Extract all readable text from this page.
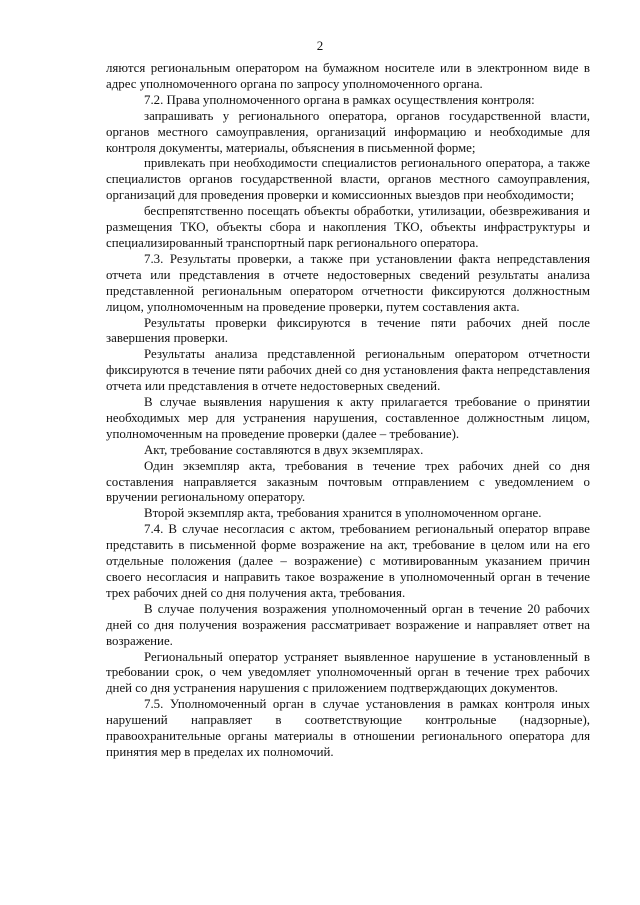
2

ляются региональным оператором на бумажном носителе или в электронном виде в адрес уполномоченного органа по запросу уполномоченного органа.

7.2. Права уполномоченного органа в рамках осуществления контроля:

запрашивать у регионального оператора, органов государственной власти, органов местного самоуправления, организаций информацию и необходимые для контроля документы, материалы, объяснения в письменной форме;

привлекать при необходимости специалистов регионального оператора, а также специалистов органов государственной власти, органов местного самоуправления, организаций для проведения проверки и комиссионных выездов при необходимости;

беспрепятственно посещать объекты обработки, утилизации, обезвреживания и размещения ТКО, объекты сбора и накопления ТКО, объекты инфраструктуры и специализированный транспортный парк регионального оператора.

7.3. Результаты проверки, а также при установлении факта непредставления отчета или представления в отчете недостоверных сведений результаты анализа представленной региональным оператором отчетности фиксируются должностным лицом, уполномоченным на проведение проверки, путем составления акта.

Результаты проверки фиксируются в течение пяти рабочих дней после завершения проверки.

Результаты анализа представленной региональным оператором отчетности фиксируются в течение пяти рабочих дней со дня установления факта непредставления отчета или представления в отчете недостоверных сведений.

В случае выявления нарушения к акту прилагается требование о принятии необходимых мер для устранения нарушения, составленное должностным лицом, уполномоченным на проведение проверки (далее – требование).

Акт, требование составляются в двух экземплярах.

Один экземпляр акта, требования в течение трех рабочих дней со дня составления направляется заказным почтовым отправлением с уведомлением о вручении региональному оператору.

Второй экземпляр акта, требования хранится в уполномоченном органе.

7.4. В случае несогласия с актом, требованием региональный оператор вправе представить в письменной форме возражение на акт, требование в целом или на его отдельные положения (далее – возражение) с мотивированным указанием причин своего несогласия и направить такое возражение в уполномоченный орган в течение трех рабочих дней со дня получения акта, требования.

В случае получения возражения уполномоченный орган в течение 20 рабочих дней со дня получения возражения рассматривает возражение и направляет ответ на возражение.

Региональный оператор устраняет выявленное нарушение в установленный в требовании срок, о чем уведомляет уполномоченный орган в течение трех рабочих дней со дня устранения нарушения с приложением подтверждающих документов.

7.5. Уполномоченный орган в случае установления в рамках контроля иных нарушений направляет в соответствующие контрольные (надзорные), правоохранительные органы материалы в отношении регионального оператора для принятия мер в пределах их полномочий.
